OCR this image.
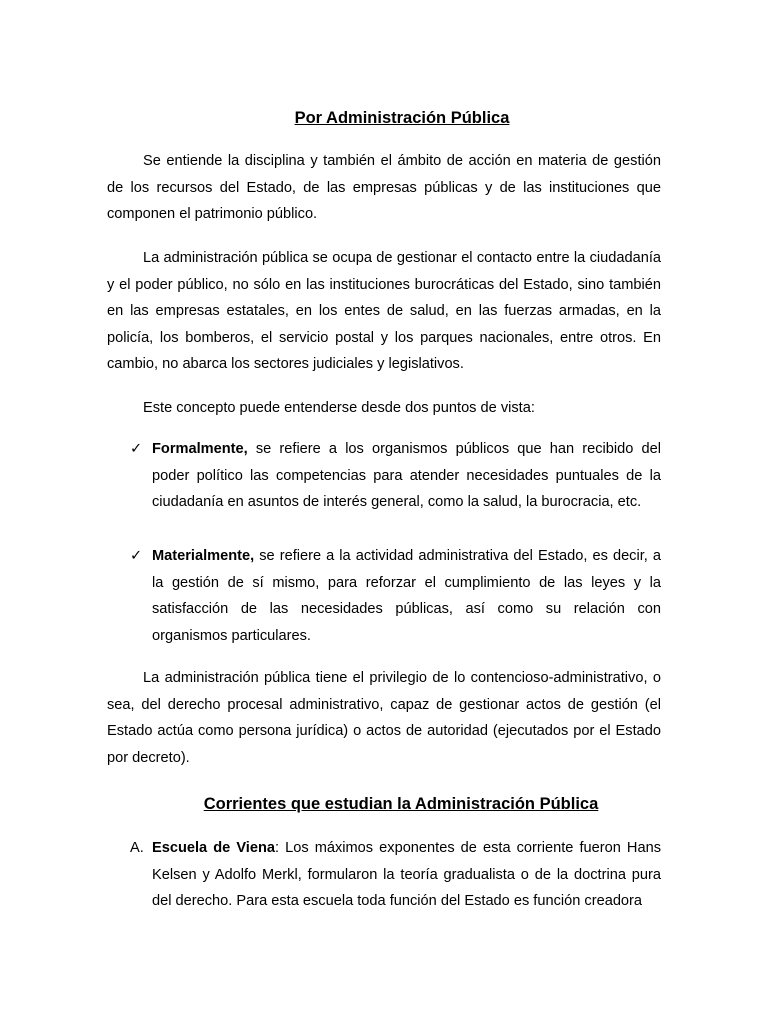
Por Administración Pública

Se entiende la disciplina y también el ámbito de acción en materia de gestión de los recursos del Estado, de las empresas públicas y de las instituciones que componen el patrimonio público.

La administración pública se ocupa de gestionar el contacto entre la ciudadanía y el poder público, no sólo en las instituciones burocráticas del Estado, sino también en las empresas estatales, en los entes de salud, en las fuerzas armadas, en la policía, los bomberos, el servicio postal y los parques nacionales, entre otros. En cambio, no abarca los sectores judiciales y legislativos.

Este concepto puede entenderse desde dos puntos de vista:

✓ Formalmente, se refiere a los organismos públicos que han recibido del poder político las competencias para atender necesidades puntuales de la ciudadanía en asuntos de interés general, como la salud, la burocracia, etc.
✓ Materialmente, se refiere a la actividad administrativa del Estado, es decir, a la gestión de sí mismo, para reforzar el cumplimiento de las leyes y la satisfacción de las necesidades públicas, así como su relación con organismos particulares.

La administración pública tiene el privilegio de lo contencioso-administrativo, o sea, del derecho procesal administrativo, capaz de gestionar actos de gestión (el Estado actúa como persona jurídica) o actos de autoridad (ejecutados por el Estado por decreto).

Corrientes que estudian la Administración Pública
A. Escuela de Viena: Los máximos exponentes de esta corriente fueron Hans Kelsen y Adolfo Merkl, formularon la teoría gradualista o de la doctrina pura del derecho. Para esta escuela toda función del Estado es función creadora
